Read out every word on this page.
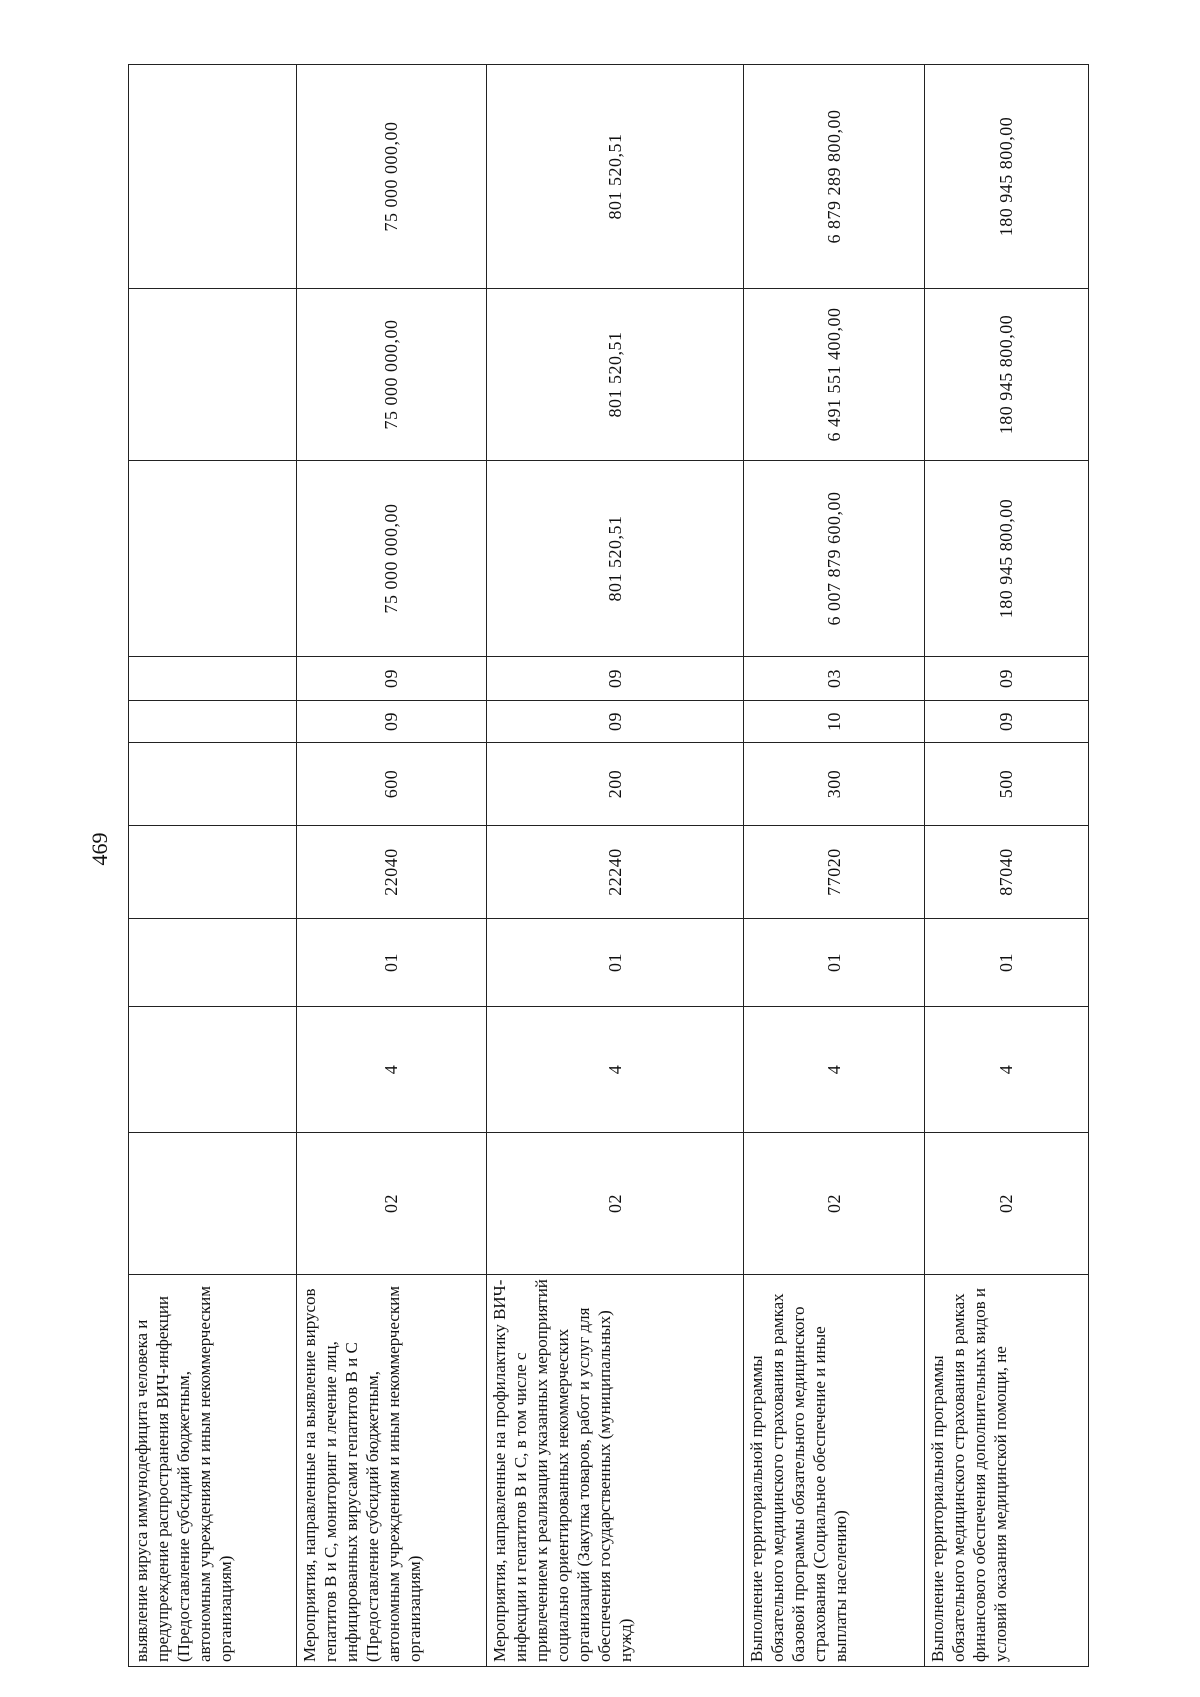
469
выявление вируса иммунодефицита человека и предупреждение распространения ВИЧ-инфекции (Предоставление субсидий бюджетным, автономным учреждениям и иным некоммерческим организациям)										
Мероприятия, направленные на выявление вирусов гепатитов В и С, мониторинг и лечение лиц, инфицированных вирусами гепатитов В и С (Предоставление субсидий бюджетным, автономным учреждениям и иным некоммерческим организациям)	02	4	01	22040	600	09	09	75 000 000,00	75 000 000,00	75 000 000,00
Мероприятия, направленные на профилактику ВИЧ-инфекции и гепатитов В и С, в том числе с привлечением к реализации указанных мероприятий социально ориентированных некоммерческих организаций (Закупка товаров, работ и услуг для обеспечения государственных (муниципальных) нужд)	02	4	01	22240	200	09	09	801 520,51	801 520,51	801 520,51
Выполнение территориальной программы обязательного медицинского страхования в рамках базовой программы обязательного медицинского страхования (Социальное обеспечение и иные выплаты населению)	02	4	01	77020	300	10	03	6 007 879 600,00	6 491 551 400,00	6 879 289 800,00
Выполнение территориальной программы обязательного медицинского страхования в рамках финансового обеспечения дополнительных видов и условий оказания медицинской помощи, не	02	4	01	87040	500	09	09	180 945 800,00	180 945 800,00	180 945 800,00
